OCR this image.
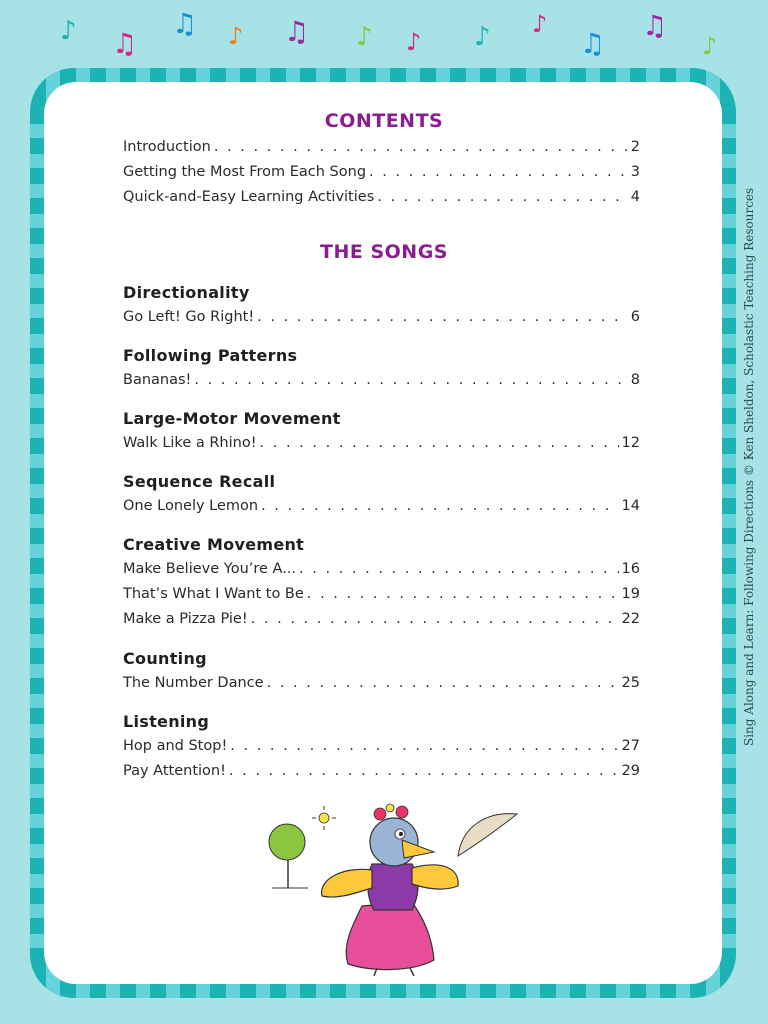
♪ ♫
♫ ♪ ♫ ♪ ♪ ♪ ♪
♫
♫
♪
CONTENTS
Introduction . . .	2
Getting the Most From Each Song . . .	3
Quick-and-Easy Learning Activities . . .	4
THE SONGS
Directionality
Go Left! Go Right! . . .	6
Following Patterns
Bananas! . . .	8
Large-Motor Movement
Walk Like a Rhino! . . .	12
Sequence Recall
One Lonely Lemon . . .	14
Creative Movement
Make Believe You’re A... . . .	16
That’s What I Want to Be . . .	19
Make a Pizza Pie! . . .	22
Counting
The Number Dance . . .	25
Listening
Hop and Stop! . . .	27
Pay Attention! . . .	29
Sing Along and Learn: Following Directions © Ken Sheldon, Scholastic Teaching Resources
